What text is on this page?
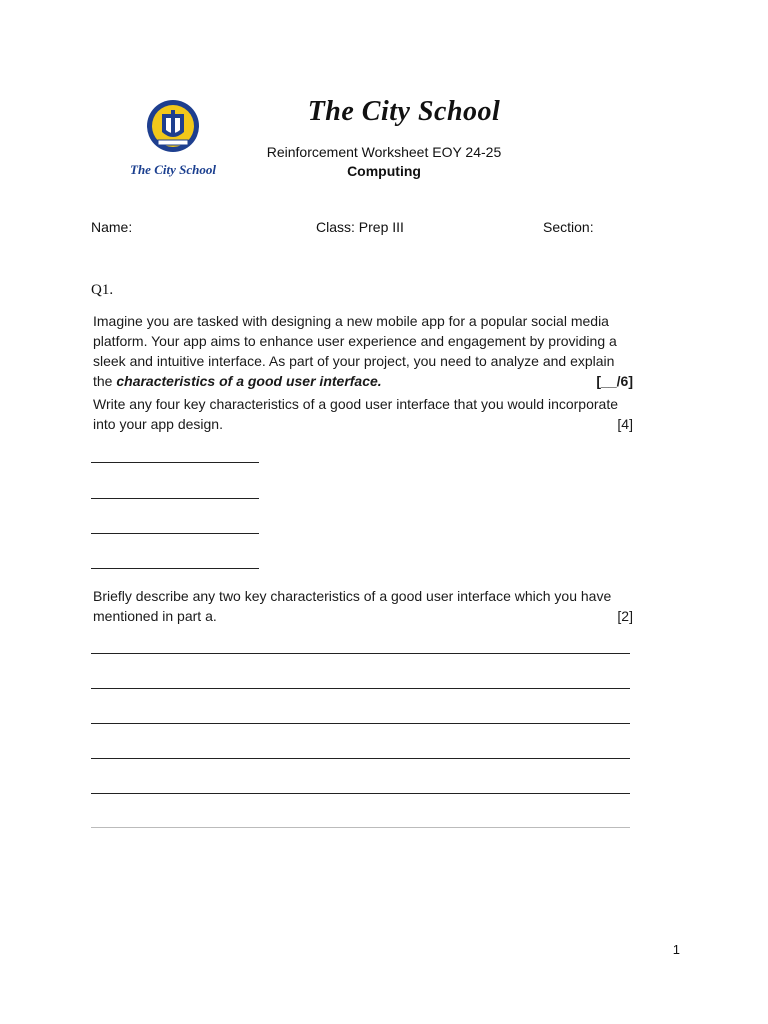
The City School
The City School
Reinforcement Worksheet EOY 24-25
Computing
Name:	Class: Prep III	Section:
Q1.
Imagine you are tasked with designing a new mobile app for a popular social media
platform. Your app aims to enhance user experience and engagement by providing a
sleek and intuitive interface. As part of your project, you need to analyze and explain
the characteristics of a good user interface.	[__/6]
Write any four key characteristics of a good user interface that you would incorporate
into your app design.	[4]
Briefly describe any two key characteristics of a good user interface which you have
mentioned in part a.	[2]
1
